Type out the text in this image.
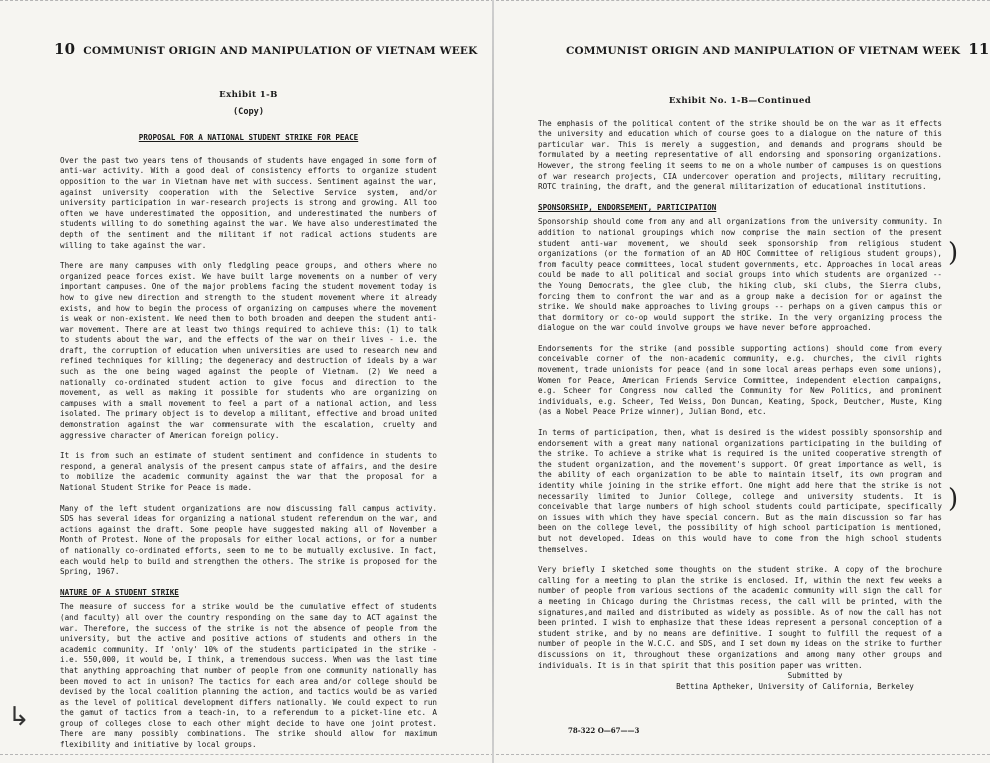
10 COMMUNIST ORIGIN AND MANIPULATION OF VIETNAM WEEK
Exhibit 1-B
(Copy)
PROPOSAL FOR A NATIONAL STUDENT STRIKE FOR PEACE

Over the past two years tens of thousands of students have engaged in some form of anti-war activity. With a good deal of consistency efforts to organize student opposition to the war in Vietnam have met with success. Sentiment against the war, against university cooperation with the Selective Service system, and/or university participation in war-research projects is strong and growing. All too often we have underestimated the opposition, and underestimated the numbers of students willing to do something against the war. We have also underestimated the depth of the sentiment and the militant if not radical actions students are willing to take against the war.

There are many campuses with only fledgling peace groups, and others where no organized peace forces exist. We have built large movements on a number of very important campuses. One of the major problems facing the student movement today is how to give new direction and strength to the student movement where it already exists, and how to begin the process of organizing on campuses where the movement is weak or non-existent. We need them to both broaden and deepen the student anti-war movement. There are at least two things required to achieve this: (1) to talk to students about the war, and the effects of the war on their lives - i.e. the draft, the corruption of education when universities are used to research new and refined techniques for killing; the degeneracy and destruction of ideals by a war such as the one being waged against the people of Vietnam. (2) We need a nationally co-ordinated student action to give focus and direction to the movement, as well as making it possible for students who are organizing on campuses with a small movement to feel a part of a national action, and less isolated. The primary object is to develop a militant, effective and broad united demonstration against the war commensurate with the escalation, cruelty and aggressive character of American foreign policy.

It is from such an estimate of student sentiment and confidence in students to respond, a general analysis of the present campus state of affairs, and the desire to mobilize the academic community against the war that the proposal for a National Student Strike for Peace is made.

Many of the left student organizations are now discussing fall campus activity. SDS has several ideas for organizing a national student referendum on the war, and actions against the draft. Some people have suggested making all of November a Month of Protest. None of the proposals for either local actions, or for a number of nationally co-ordinated efforts, seem to me to be mutually exclusive. In fact, each would help to build and strengthen the others. The strike is proposed for the Spring, 1967.

NATURE OF A STUDENT STRIKE

The measure of success for a strike would be the cumulative effect of students (and faculty) all over the country responding on the same day to ACT against the war. Therefore, the success of the strike is not the absence of people from the university, but the active and positive actions of students and others in the academic community. If 'only' 10% of the students participated in the strike - i.e. 550,000, it would be, I think, a tremendous success. When was the last time that anything approaching that number of people from one community nationally has been moved to act in unison? The tactics for each area and/or college should be devised by the local coalition planning the action, and tactics would be as varied as the level of political development differs nationally. We could expect to run the gamut of tactics from a teach-in, to a referendum to a picket-line etc. A group of colleges close to each other might decide to have one joint protest. There are many possibly combinations. The strike should allow for maximum flexibility and initiative by local groups.

↳
COMMUNIST ORIGIN AND MANIPULATION OF VIETNAM WEEK 11
Exhibit No. 1-B—Continued

The emphasis of the political content of the strike should be on the war as it effects the university and education which of course goes to a dialogue on the nature of this particular war. This is merely a suggestion, and demands and programs should be formulated by a meeting representative of all endorsing and sponsoring organizations. However, the strong feeling it seems to me on a whole number of campuses is on questions of war research projects, CIA undercover operation and projects, military recruiting, ROTC training, the draft, and the general militarization of educational institutions.

SPONSORSHIP, ENDORSEMENT, PARTICIPATION

Sponsorship should come from any and all organizations from the university community. In addition to national groupings which now comprise the main section of the present student anti-war movement, we should seek sponsorship from religious student organizations (or the formation of an AD HOC Committee of religious student groups), from faculty peace committees, local student governments, etc. Approaches in local areas could be made to all political and social groups into which students are organized -- the Young Democrats, the glee club, the hiking club, ski clubs, the Sierra clubs, forcing them to confront the war and as a group make a decision for or against the strike. We should make approaches to living groups -- perhaps on a given campus this or that dormitory or co-op would support the strike. In the very organizing process the dialogue on the war could involve groups we have never before approached.

Endorsements for the strike (and possible supporting actions) should come from every conceivable corner of the non-academic community, e.g. churches, the civil rights movement, trade unionists for peace (and in some local areas perhaps even some unions), Women for Peace, American Friends Service Committee, independent election campaigns, e.g. Scheer for Congress now called the Community for New Politics, and prominent individuals, e.g. Scheer, Ted Weiss, Don Duncan, Keating, Spock, Deutcher, Muste, King (as a Nobel Peace Prize winner), Julian Bond, etc.

In terms of participation, then, what is desired is the widest possibly sponsorship and endorsement with a great many national organizations participating in the building of the strike. To achieve a strike what is required is the united cooperative strength of the student organization, and the movement's support. Of great importance as well, is the ability of each organization to be able to maintain itself, its own program and identity while joining in the strike effort. One might add here that the strike is not necessarily limited to Junior College, college and university students. It is conceivable that large numbers of high school students could participate, specifically on issues with which they have special concern. But as the main discussion so far has been on the college level, the possibility of high school participation is mentioned, but not developed. Ideas on this would have to come from the high school students themselves.

Very briefly I sketched some thoughts on the student strike. A copy of the brochure calling for a meeting to plan the strike is enclosed. If, within the next few weeks a number of people from various sections of the academic community will sign the call for a meeting in Chicago during the Christmas recess, the call will be printed, with the signatures,and mailed and distributed as widely as possible. As of now the call has not been printed. I wish to emphasize that these ideas represent a personal conception of a student strike, and by no means are definitive. I sought to fulfill the request of a number of people in the W.C.C. and SDS, and I set down my ideas on the strike to further discussions on it, throughout these organizations and among many other groups and individuals. It is in that spirit that this position paper was written.

Submitted by
Bettina Aptheker, University of California, Berkeley
)
)
78-322 O—67——3
